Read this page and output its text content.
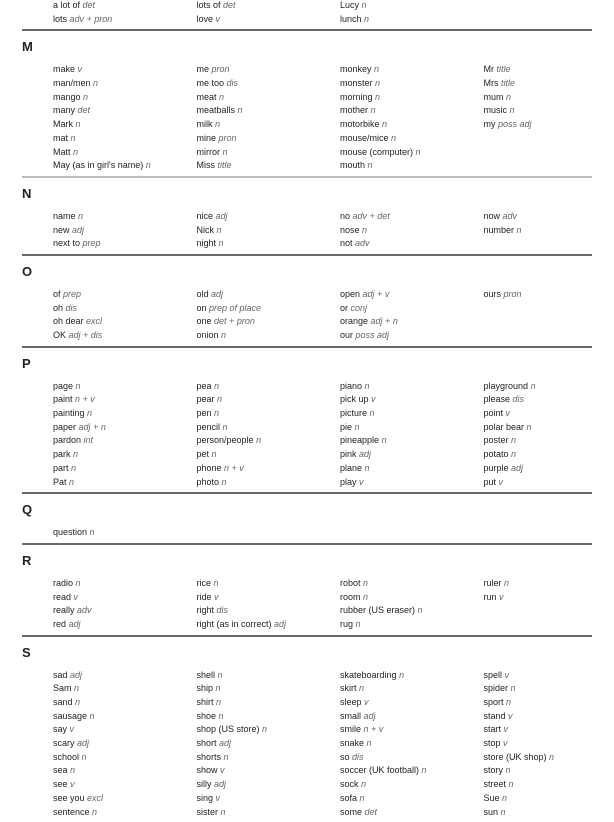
a lot of det
lots adv + pron
lots of det
love v
Lucy n
lunch n
M
make v
man/men n
mango n
many det
Mark n
mat n
Matt n
May (as in girl's name) n
me pron
me too dis
meat n
meatballs n
milk n
mine pron
mirror n
Miss title
monkey n
monster n
morning n
mother n
motorbike n
mouse/mice n
mouse (computer) n
mouth n
Mr title
Mrs title
mum n
music n
my poss adj
N
name n
new adj
next to prep
nice adj
Nick n
night n
no adv + det
nose n
not adv
now adv
number n
O
of prep
oh dis
oh dear excl
OK adj + dis
old adj
on prep of place
one det + pron
onion n
open adj + v
or conj
orange adj + n
our poss adj
ours pron
P
page n
paint n + v
painting n
paper adj + n
pardon int
park n
part n
Pat n
pea n
pear n
pen n
pencil n
person/people n
pet n
phone n + v
photo n
piano n
pick up v
picture n
pie n
pineapple n
pink adj
plane n
play v
playground n
please dis
point v
polar bear n
poster n
potato n
purple adj
put v
Q
question n
R
radio n
read v
really adv
red adj
rice n
ride v
right dis
right (as in correct) adj
robot n
room n
rubber (US eraser) n
rug n
ruler n
run v
S
sad adj
Sam n
sand n
sausage n
say v
scary adj
school n
sea n
see v
see you excl
sentence n
shell n
ship n
shirt n
shoe n
shop (US store) n
short adj
shorts n
show v
silly adj
sing v
sister n
skateboarding n
skirt n
sleep v
small adj
smile n + v
snake n
so dis
soccer (UK football) n
sock n
sofa n
some det
spell v
spider n
sport n
stand v
start v
stop v
store (UK shop) n
story n
street n
Sue n
sun n
